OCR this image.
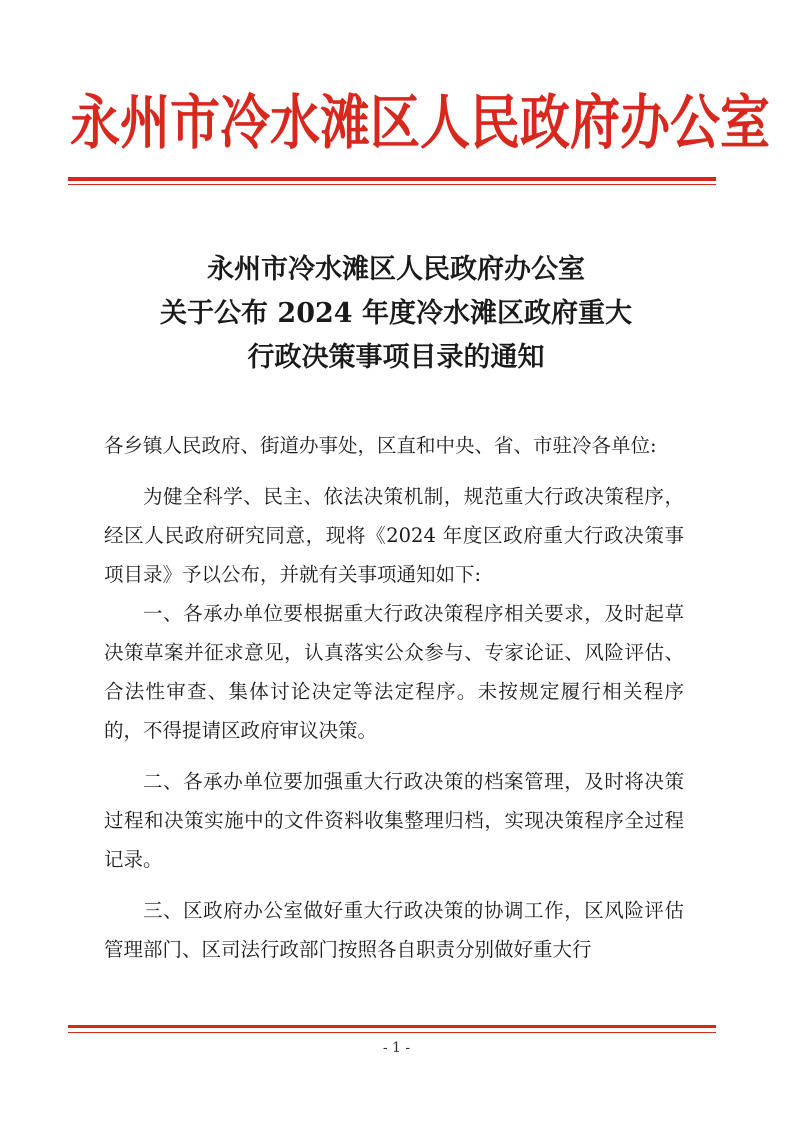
永州市冷水滩区人民政府办公室
永州市冷水滩区人民政府办公室
关于公布 2024 年度冷水滩区政府重大
行政决策事项目录的通知

各乡镇人民政府、街道办事处，区直和中央、省、市驻冷各单位:

为健全科学、民主、依法决策机制，规范重大行政决策程序，经区人民政府研究同意，现将《2024 年度区政府重大行政决策事项目录》予以公布，并就有关事项通知如下:

一、各承办单位要根据重大行政决策程序相关要求，及时起草决策草案并征求意见，认真落实公众参与、专家论证、风险评估、合法性审查、集体讨论决定等法定程序。未按规定履行相关程序的，不得提请区政府审议决策。

二、各承办单位要加强重大行政决策的档案管理，及时将决策过程和决策实施中的文件资料收集整理归档，实现决策程序全过程记录。

三、区政府办公室做好重大行政决策的协调工作，区风险评估管理部门、区司法行政部门按照各自职责分别做好重大行

- 1 -
